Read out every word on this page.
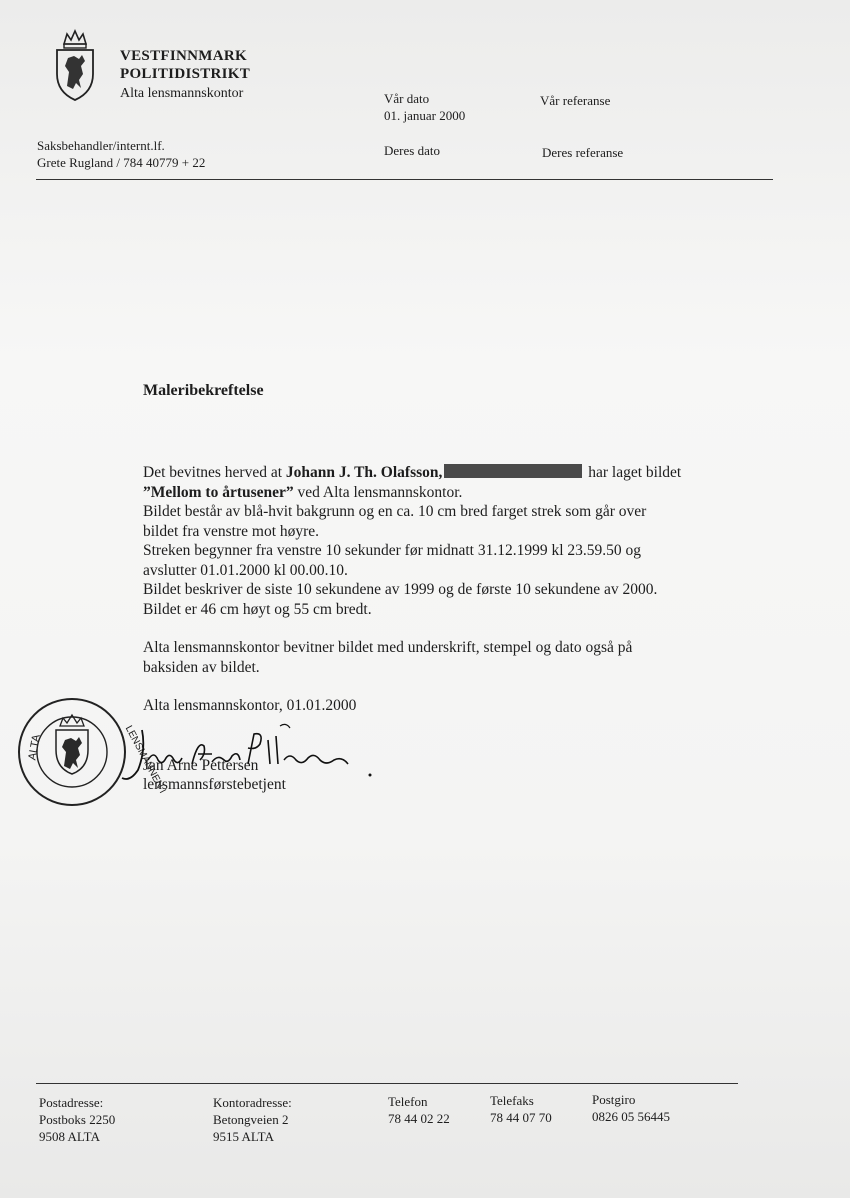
VESTFINNMARK
POLITIDISTRIKT
Alta lensmannskontor	Vår dato
01. januar 2000
Vår referanse
Saksbehandler/internt.lf.
Grete Rugland / 784 40779 + 22
Deres dato	Deres referanse
Maleribekreftelse

Det bevitnes herved at Johann J. Th. Olafsson,	har laget bildet

”Mellom to årtusener” ved Alta lensmannskontor.

Bildet består av blå-hvit bakgrunn og en ca. 10 cm bred farget strek som går over

bildet fra venstre mot høyre.

Streken begynner fra venstre 10 sekunder før midnatt 31.12.1999 kl 23.59.50 og

avslutter 01.01.2000 kl 00.00.10.

Bildet beskriver de siste 10 sekundene av 1999 og de første 10 sekundene av 2000.

Bildet er 46 cm høyt og 55 cm bredt.

Alta lensmannskontor bevitner bildet med underskrift, stempel og dato også på

baksiden av bildet.

Alta lensmannskontor, 01.01.2000

Jan Arne Pettersen

lensmannsførstebetjent

ALTA	LENSMANNEN I
Postadresse:
Postboks 2250
9508 ALTA
Kontoradresse:
Betongveien 2
9515 ALTA
Telefon
78 44 02 22
Telefaks
78 44 07 70
Postgiro
0826 05 56445
